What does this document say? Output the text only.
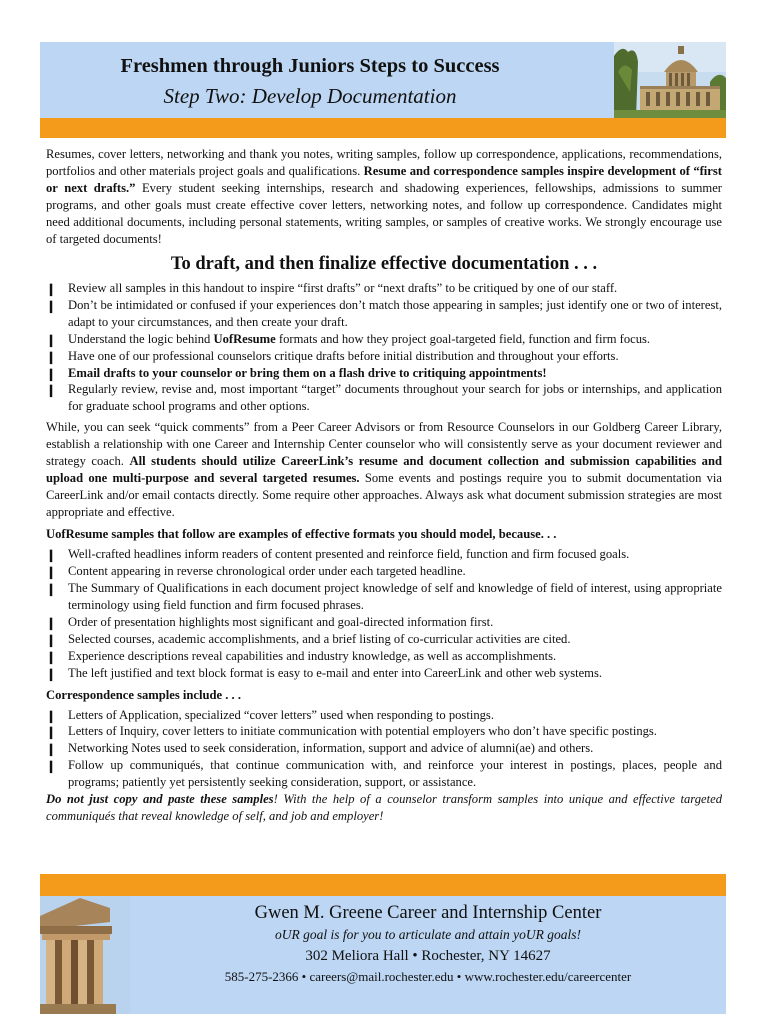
Freshmen through Juniors Steps to Success
Step Two: Develop Documentation

Resumes, cover letters, networking and thank you notes, writing samples, follow up correspondence, applications, recommendations, portfolios and other materials project goals and qualifications. Resume and correspondence samples inspire development of “first or next drafts.” Every student seeking internships, research and shadowing experiences, fellowships, admissions to summer programs, and other goals must create effective cover letters, networking notes, and follow up correspondence. Candidates might need additional documents, including personal statements, writing samples, or samples of creative works. We strongly encourage use of targeted documents!

To draft, and then finalize effective documentation . . .
❙ Review all samples in this handout to inspire “first drafts” or “next drafts” to be critiqued by one of our staff.
❙ Don’t be intimidated or confused if your experiences don’t match those appearing in samples; just identify one or two of interest, adapt to your circumstances, and then create your draft.
❙ Understand the logic behind UofResume formats and how they project goal-targeted field, function and firm focus.
❙ Have one of our professional counselors critique drafts before initial distribution and throughout your efforts.
❙ Email drafts to your counselor or bring them on a flash drive to critiquing appointments!
❙ Regularly review, revise and, most important “target” documents throughout your search for jobs or internships, and application for graduate school programs and other options.

While, you can seek “quick comments” from a Peer Career Advisors or from Resource Counselors in our Goldberg Career Library, establish a relationship with one Career and Internship Center counselor who will consistently serve as your document reviewer and strategy coach. All students should utilize CareerLink’s resume and document collection and submission capabilities and upload one multi-purpose and several targeted resumes. Some events and postings require you to submit documentation via CareerLink and/or email contacts directly. Some require other approaches. Always ask what document submission strategies are most appropriate and effective.

UofResume samples that follow are examples of effective formats you should model, because. . .
❙ Well-crafted headlines inform readers of content presented and reinforce field, function and firm focused goals.
❙ Content appearing in reverse chronological order under each targeted headline.
❙ The Summary of Qualifications in each document project knowledge of self and knowledge of field of interest, using appropriate terminology using field function and firm focused phrases.
❙ Order of presentation highlights most significant and goal-directed information first.
❙ Selected courses, academic accomplishments, and a brief listing of co-curricular activities are cited.
❙ Experience descriptions reveal capabilities and industry knowledge, as well as accomplishments.
❙ The left justified and text block format is easy to e-mail and enter into CareerLink and other web systems.
Correspondence samples include . . .
❙ Letters of Application, specialized “cover letters” used when responding to postings.
❙ Letters of Inquiry, cover letters to initiate communication with potential employers who don’t have specific postings.
❙ Networking Notes used to seek consideration, information, support and advice of alumni(ae) and others.
❙ Follow up communiqués, that continue communication with, and reinforce your interest in postings, places, people and programs; patiently yet persistently seeking consideration, support, or assistance.

Do not just copy and paste these samples! With the help of a counselor transform samples into unique and effective targeted communiqués that reveal knowledge of self, and job and employer!

Gwen M. Greene Career and Internship Center
oUR goal is for you to articulate and attain yoUR goals!
302 Meliora Hall • Rochester, NY 14627
585-275-2366 • careers@mail.rochester.edu • www.rochester.edu/careercenter
